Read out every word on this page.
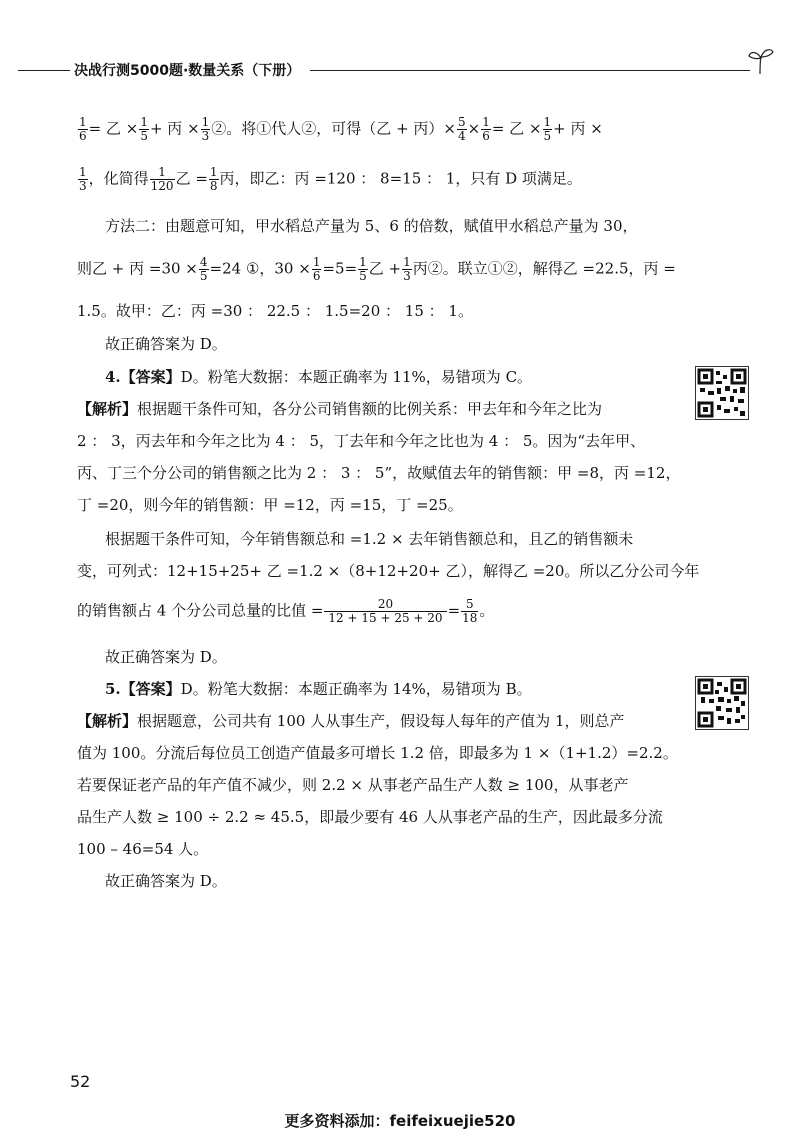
决战行测5000题·数量关系（下册）
$\frac{1}{6}$ = 乙 × $\frac{1}{5}$ + 丙 × $\frac{1}{3}$ ②。将①代人②，可得（乙 + 丙）× $\frac{5}{4} \times \frac{1}{6}$ = 乙 × $\frac{1}{5}$ + 丙 ×
$\frac{1}{3}$ ，化简得 $\frac{1}{120}$ 乙 = $\frac{1}{8}$ 丙，即乙：丙 =120 ： 8=15 ： 1，只有 D 项满足。
方法二：由题意可知，甲水稻总产量为 5、6 的倍数，赋值甲水稻总产量为 30，
则乙 + 丙 $=30 \times \frac{4}{5} =24$ ①，$30 \times \frac{1}{6} =5= \frac{1}{5}$ 乙 + $\frac{1}{3}$ 丙②。联立①②，解得乙 =22.5，丙 =
1.5。故甲：乙：丙 =30 ： 22.5 ： 1.5=20 ： 15 ： 1。
故正确答案为 D。
4.【答案】D。粉笔大数据：本题正确率为 11%，易错项为 C。
【解析】根据题干条件可知，各分公司销售额的比例关系：甲去年和今年之比为
2 ： 3，丙去年和今年之比为 4 ： 5，丁去年和今年之比也为 4 ： 5。因为“去年甲、
丙、丁三个分公司的销售额之比为 2 ： 3 ： 5”，故赋值去年的销售额：甲 =8，丙 =12，
丁 =20，则今年的销售额：甲 =12，丙 =15，丁 =25。
根据题干条件可知，今年销售额总和 =1.2 × 去年销售额总和，且乙的销售额未
变，可列式：12+15+25+ 乙 =1.2 ×（8+12+20+ 乙），解得乙 =20。所以乙分公司今年
的销售额占 4 个分公司总量的比值 = $\frac{20}{12 + 15 + 25 + 20} = \frac{5}{18}$ 。
故正确答案为 D。
5.【答案】D。粉笔大数据：本题正确率为 14%，易错项为 B。
【解析】根据题意，公司共有 100 人从事生产，假设每人每年的产值为 1，则总产
值为 100。分流后每位员工创造产值最多可增长 1.2 倍，即最多为 1 ×（1+1.2）=2.2。
若要保证老产品的年产值不减少，则 2.2 × 从事老产品生产人数 ≥ 100，从事老产
品生产人数 ≥ 100 ÷ 2.2 ≈ 45.5，即最少要有 46 人从事老产品的生产，因此最多分流
100 – 46=54 人。
故正确答案为 D。
52
更多资料添加：feifeixuejie520
